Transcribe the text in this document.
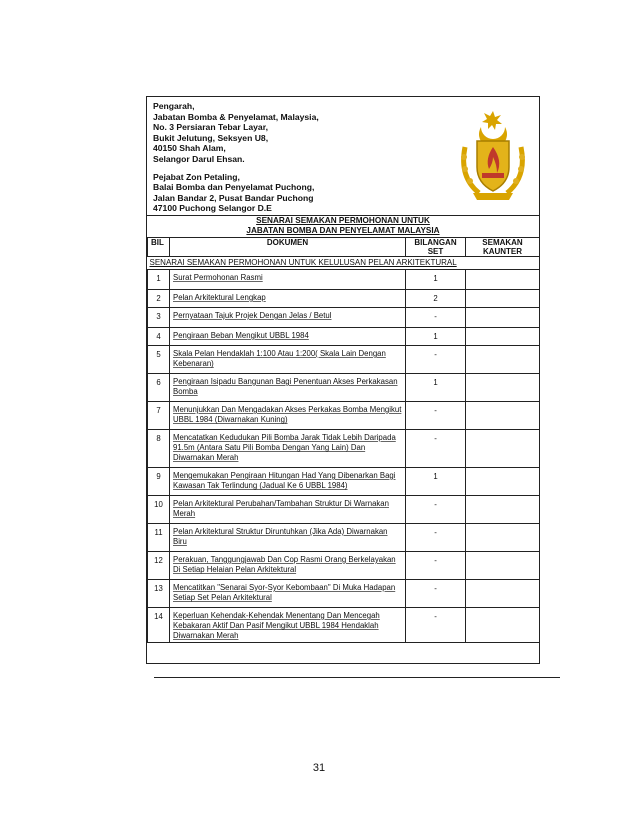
Pengarah,
Jabatan Bomba & Penyelamat, Malaysia,
No. 3 Persiaran Tebar Layar,
Bukit Jelutung, Seksyen U8,
40150 Shah Alam,
Selangor Darul Ehsan.
Pejabat Zon Petaling,
Balai Bomba dan Penyelamat Puchong,
Jalan Bandar 2, Pusat Bandar Puchong
47100 Puchong Selangor D.E
SENARAI SEMAKAN PERMOHONAN UNTUK
JABATAN BOMBA DAN PENYELAMAT MALAYSIA
BIL	DOKUMEN	BILANGAN SET	SEMAKAN KAUNTER
SENARAI SEMAKAN PERMOHONAN UNTUK KELULUSAN PELAN ARKITEKTURAL			
1	Surat Permohonan Rasmi	1	
2	Pelan Arkitektural Lengkap	2	
3	Pernyataan Tajuk Projek Dengan Jelas / Betul	-	
4	Pengiraan Beban Mengikut UBBL 1984	1	
5	Skala Pelan Hendaklah 1:100 Atau 1:200( Skala Lain Dengan Kebenaran)	-	
6	Pengiraan Isipadu Bangunan Bagi Penentuan Akses Perkakasan Bomba	1	
7	Menunjukkan Dan Mengadakan Akses Perkakas Bomba Mengikut UBBL 1984 (Diwarnakan Kuning)	-	
8	Mencatatkan Kedudukan Pili Bomba Jarak Tidak Lebih Daripada 91.5m (Antara Satu Pili Bomba Dengan Yang Lain) Dan Diwarnakan Merah	-	
9	Mengemukakan Pengiraan Hitungan Had Yang Dibenarkan Bagi Kawasan Tak Terlindung (Jadual Ke 6 UBBL 1984)	1	
10	Pelan Arkitektural Perubahan/Tambahan Struktur Di Warnakan Merah	-	
11	Pelan Arkitektural Struktur Diruntuhkan (Jika Ada) Diwarnakan Biru	-	
12	Perakuan, Tanggungjawab Dan Cop Rasmi Orang Berkelayakan Di Setiap Helaian Pelan Arkitektural	-	
13	Mencatitkan "Senarai Syor-Syor Kebombaan" Di Muka Hadapan Setiap Set Pelan Arkitektural	-	
14	Keperluan Kehendak-Kehendak Menentang Dan Mencegah Kebakaran Aktif Dan Pasif Mengikut UBBL 1984 Hendaklah Diwarnakan Merah	-	
31
